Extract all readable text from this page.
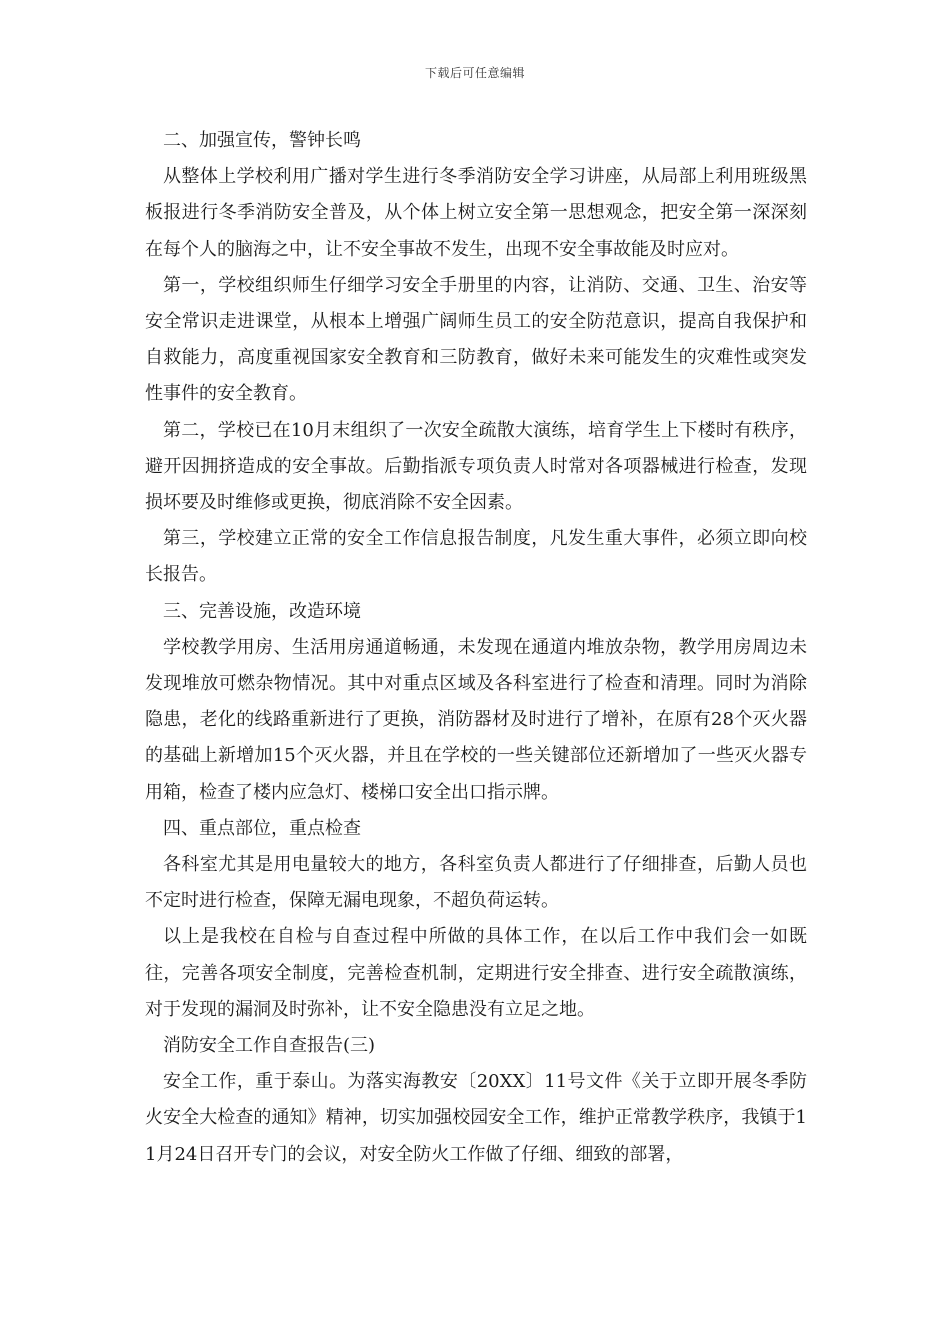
下载后可任意编辑

二、加强宣传，警钟长鸣

从整体上学校利用广播对学生进行冬季消防安全学习讲座，从局部上利用班级黑板报进行冬季消防安全普及，从个体上树立安全第一思想观念，把安全第一深深刻在每个人的脑海之中，让不安全事故不发生，出现不安全事故能及时应对。

第一，学校组织师生仔细学习安全手册里的内容，让消防、交通、卫生、治安等安全常识走进课堂，从根本上增强广阔师生员工的安全防范意识，提高自我保护和自救能力，高度重视国家安全教育和三防教育，做好未来可能发生的灾难性或突发性事件的安全教育。

第二，学校已在10月末组织了一次安全疏散大演练，培育学生上下楼时有秩序，避开因拥挤造成的安全事故。后勤指派专项负责人时常对各项器械进行检查，发现损坏要及时维修或更换，彻底消除不安全因素。

第三，学校建立正常的安全工作信息报告制度，凡发生重大事件，必须立即向校长报告。

三、完善设施，改造环境

学校教学用房、生活用房通道畅通，未发现在通道内堆放杂物，教学用房周边未发现堆放可燃杂物情况。其中对重点区域及各科室进行了检查和清理。同时为消除隐患，老化的线路重新进行了更换，消防器材及时进行了增补，在原有28个灭火器的基础上新增加15个灭火器，并且在学校的一些关键部位还新增加了一些灭火器专用箱，检查了楼内应急灯、楼梯口安全出口指示牌。

四、重点部位，重点检查

各科室尤其是用电量较大的地方，各科室负责人都进行了仔细排查，后勤人员也不定时进行检查，保障无漏电现象，不超负荷运转。

以上是我校在自检与自查过程中所做的具体工作，在以后工作中我们会一如既往，完善各项安全制度，完善检查机制，定期进行安全排查、进行安全疏散演练，对于发现的漏洞及时弥补，让不安全隐患没有立足之地。

消防安全工作自查报告(三)

安全工作，重于泰山。为落实海教安〔20XX〕11号文件《关于立即开展冬季防火安全大检查的通知》精神，切实加强校园安全工作，维护正常教学秩序，我镇于11月24日召开专门的会议，对安全防火工作做了仔细、细致的部署，
